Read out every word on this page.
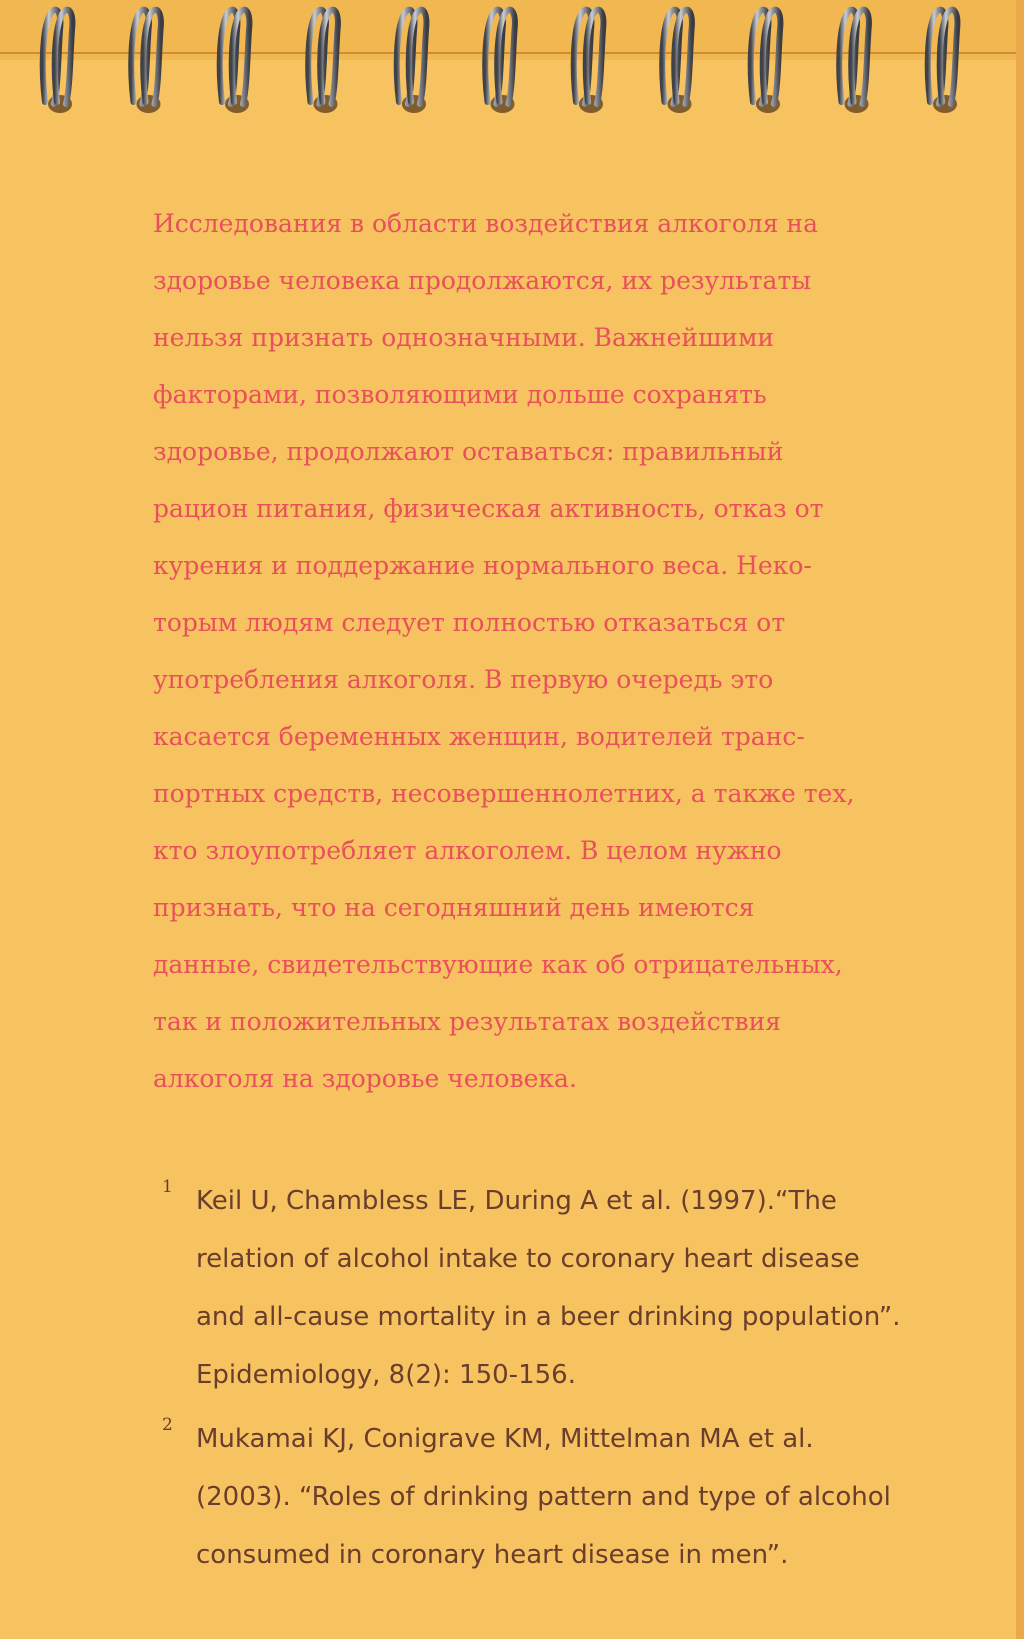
Исследования в области воздействия алкоголя на
здоровье человека продолжаются, их результаты
нельзя признать однозначными. Важнейшими
факторами, позволяющими дольше сохранять
здоровье, продолжают оставаться: правильный
рацион питания, физическая активность, отказ от
курения и поддержание нормального веса. Неко-
торым людям следует полностью отказаться от
употребления алкоголя. В первую очередь это
касается беременных женщин, водителей транс-
портных средств, несовершеннолетних, а также тех,
кто злоупотребляет алкоголем. В целом нужно
признать, что на сегодняшний день имеются
данные, свидетельствующие как об отрицательных,
так и положительных результатах воздействия
алкоголя на здоровье человека.
1 Keil U, Chambless LE, During A et al. (1997).“The
relation of alcohol intake to coronary heart disease
and all-cause mortality in a beer drinking population”.
Epidemiology, 8(2): 150-156.
2 Mukamai KJ, Conigrave KM, Mittelman MA et al.
(2003). “Roles of drinking pattern and type of alcohol
consumed in coronary heart disease in men”.
